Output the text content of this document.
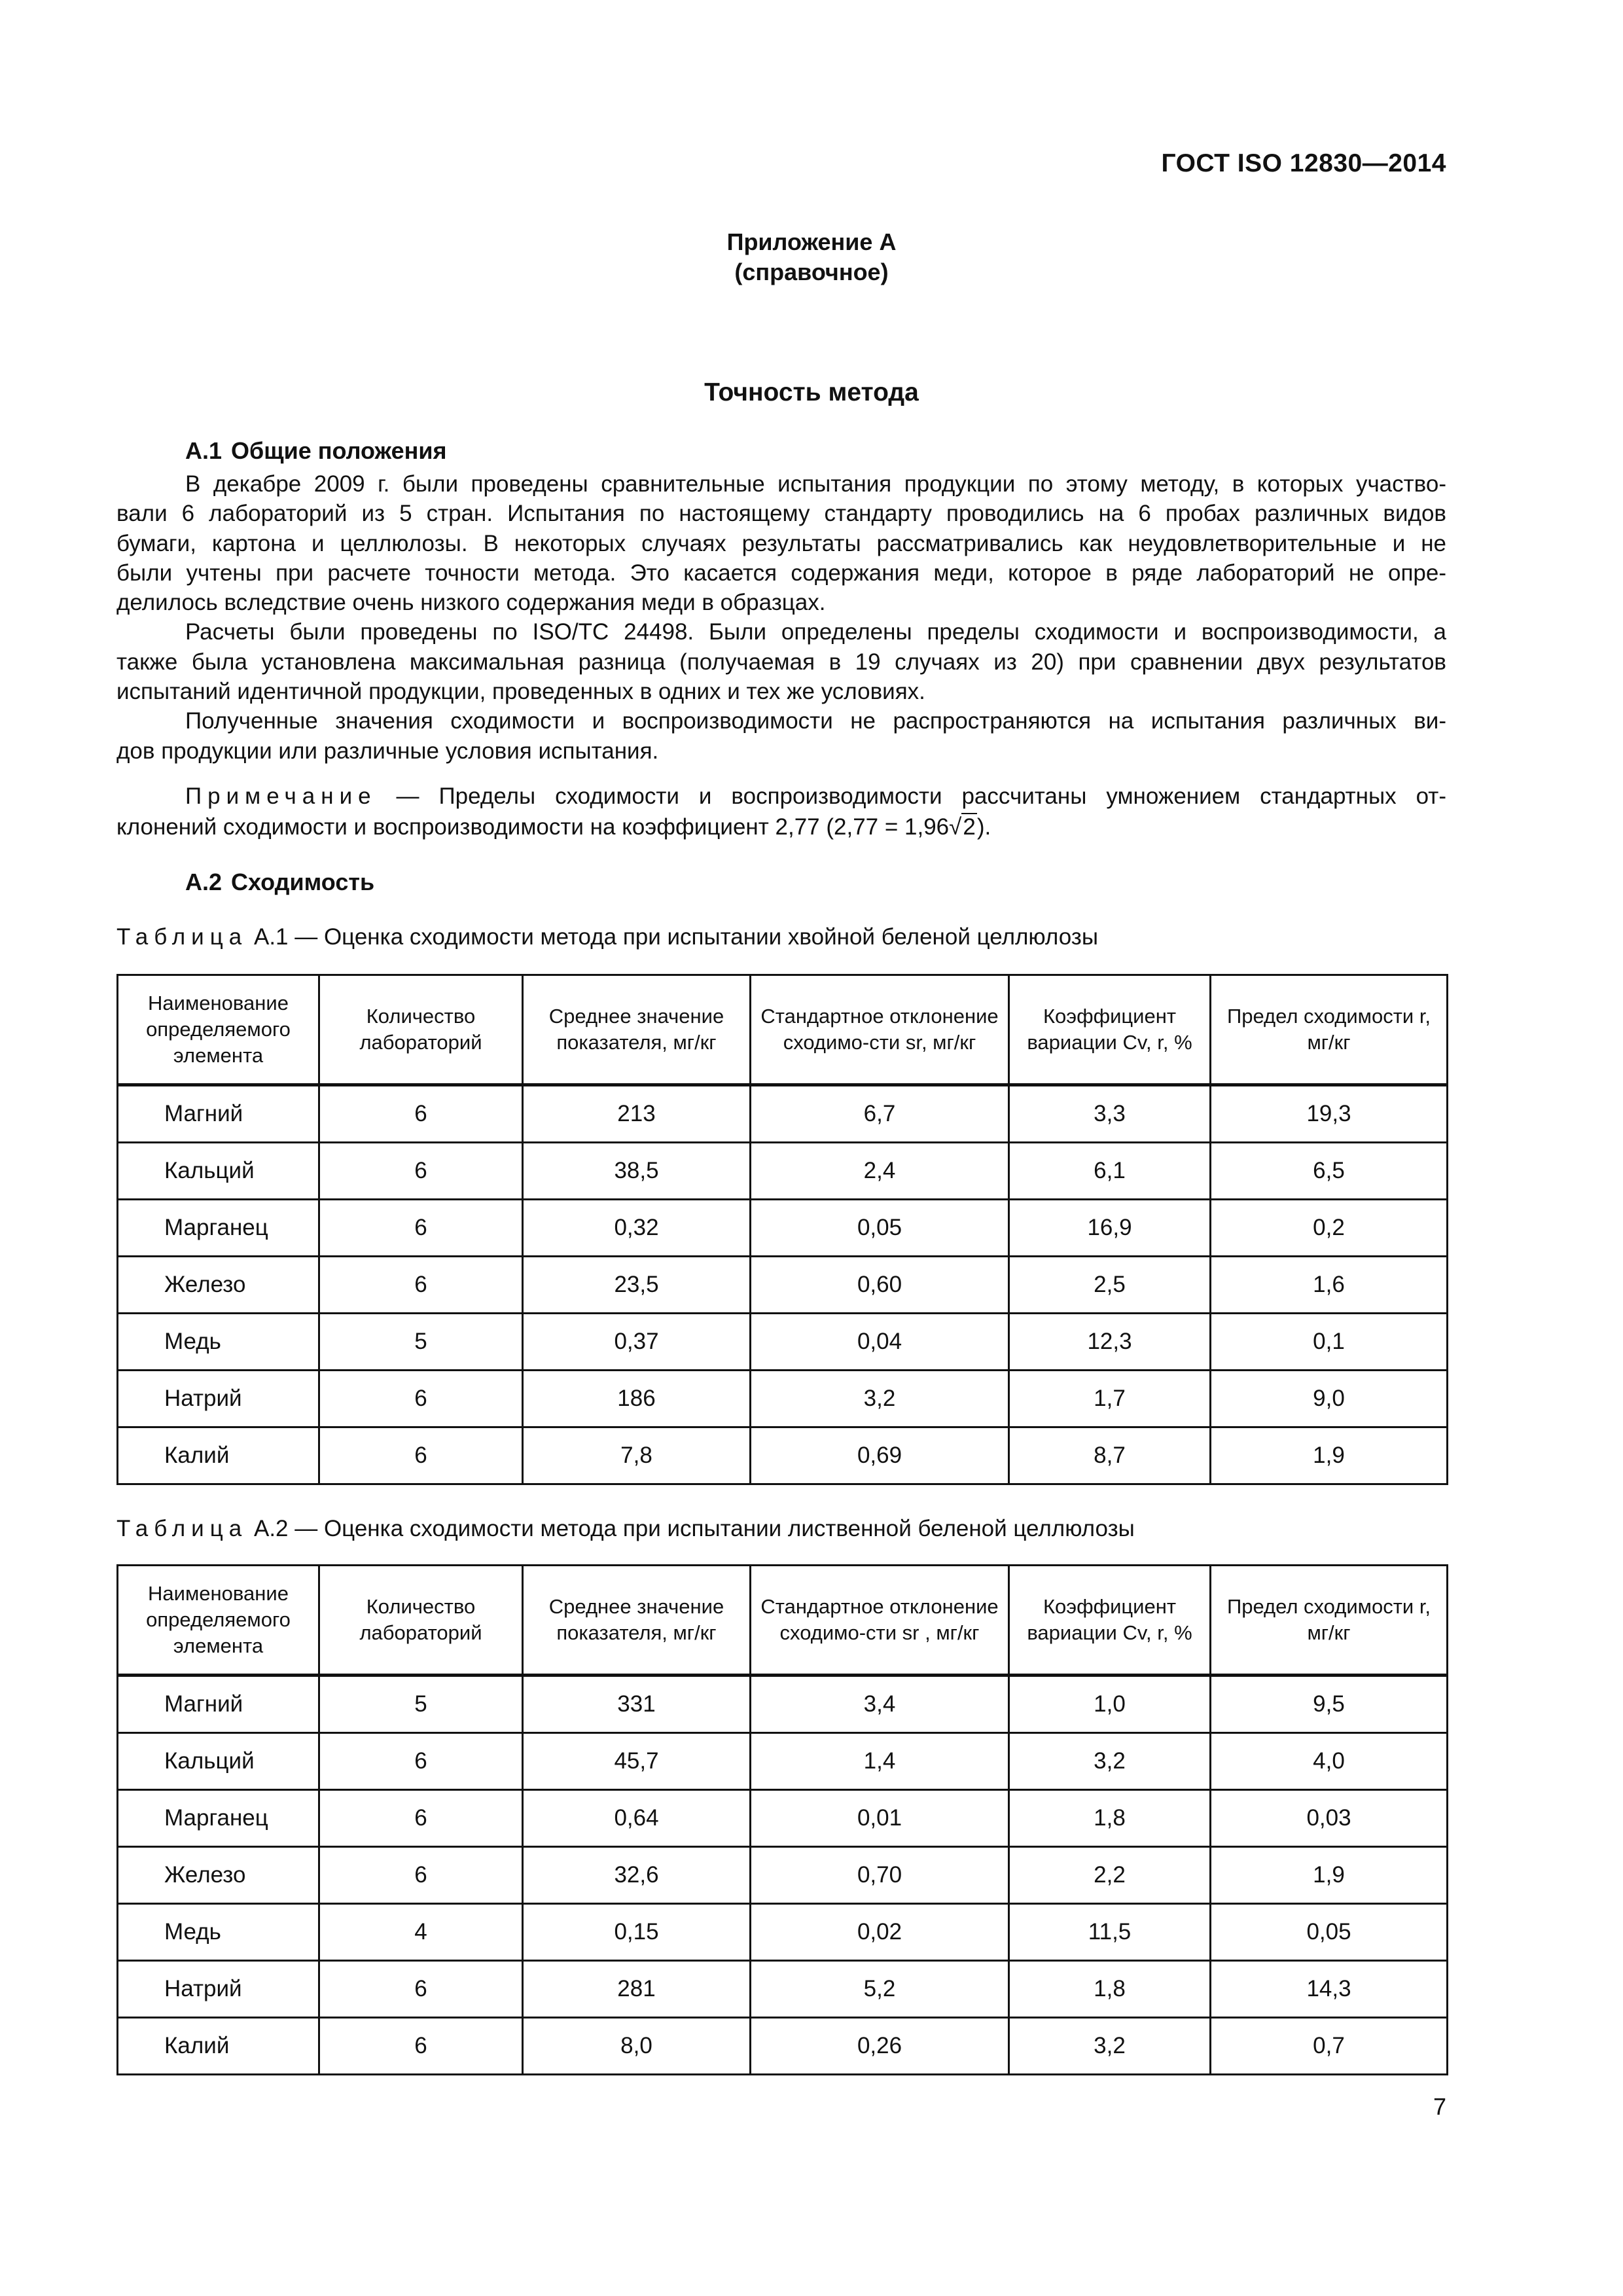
ГОСТ ISO 12830—2014
Приложение А
(справочное)
Точность метода
А.1 Общие положения
В декабре 2009 г. были проведены сравнительные испытания продукции по этому методу, в которых участво-
вали 6 лабораторий из 5 стран. Испытания по настоящему стандарту проводились на 6 пробах различных видов
бумаги, картона и целлюлозы. В некоторых случаях результаты рассматривались как неудовлетворительные и не
были учтены при расчете точности метода. Это касается содержания меди, которое в ряде лабораторий не опре-
делилось вследствие очень низкого содержания меди в образцах.
Расчеты были проведены по ISO/TC 24498. Были определены пределы сходимости и воспроизводимости, а
также была установлена максимальная разница (получаемая в 19 случаях из 20) при сравнении двух результатов
испытаний идентичной продукции, проведенных в одних и тех же условиях.
Полученные значения сходимости и воспроизводимости не распространяются на испытания различных ви-
дов продукции или различные условия испытания.
Примечание — Пределы сходимости и воспроизводимости рассчитаны умножением стандартных от-
клонений сходимости и воспроизводимости на коэффициент 2,77 (2,77 = 1,96√2).
А.2 Сходимость
Таблица А.1 — Оценка сходимости метода при испытании хвойной беленой целлюлозы
Наименование определяемого элемента	Количество лабораторий	Среднее значение показателя, мг/кг	Стандартное отклонение сходимо-сти sr, мг/кг	Коэффициент вариации Cv, r, %	Предел сходимости r, мг/кг
Магний	6	213	6,7	3,3	19,3
Кальций	6	38,5	2,4	6,1	6,5
Марганец	6	0,32	0,05	16,9	0,2
Железо	6	23,5	0,60	2,5	1,6
Медь	5	0,37	0,04	12,3	0,1
Натрий	6	186	3,2	1,7	9,0
Калий	6	7,8	0,69	8,7	1,9
Таблица А.2 — Оценка сходимости метода при испытании лиственной беленой целлюлозы
Наименование определяемого элемента	Количество лабораторий	Среднее значение показателя, мг/кг	Стандартное отклонение сходимо-сти sr , мг/кг	Коэффициент вариации Cv, r, %	Предел сходимости r, мг/кг
Магний	5	331	3,4	1,0	9,5
Кальций	6	45,7	1,4	3,2	4,0
Марганец	6	0,64	0,01	1,8	0,03
Железо	6	32,6	0,70	2,2	1,9
Медь	4	0,15	0,02	11,5	0,05
Натрий	6	281	5,2	1,8	14,3
Калий	6	8,0	0,26	3,2	0,7
7
